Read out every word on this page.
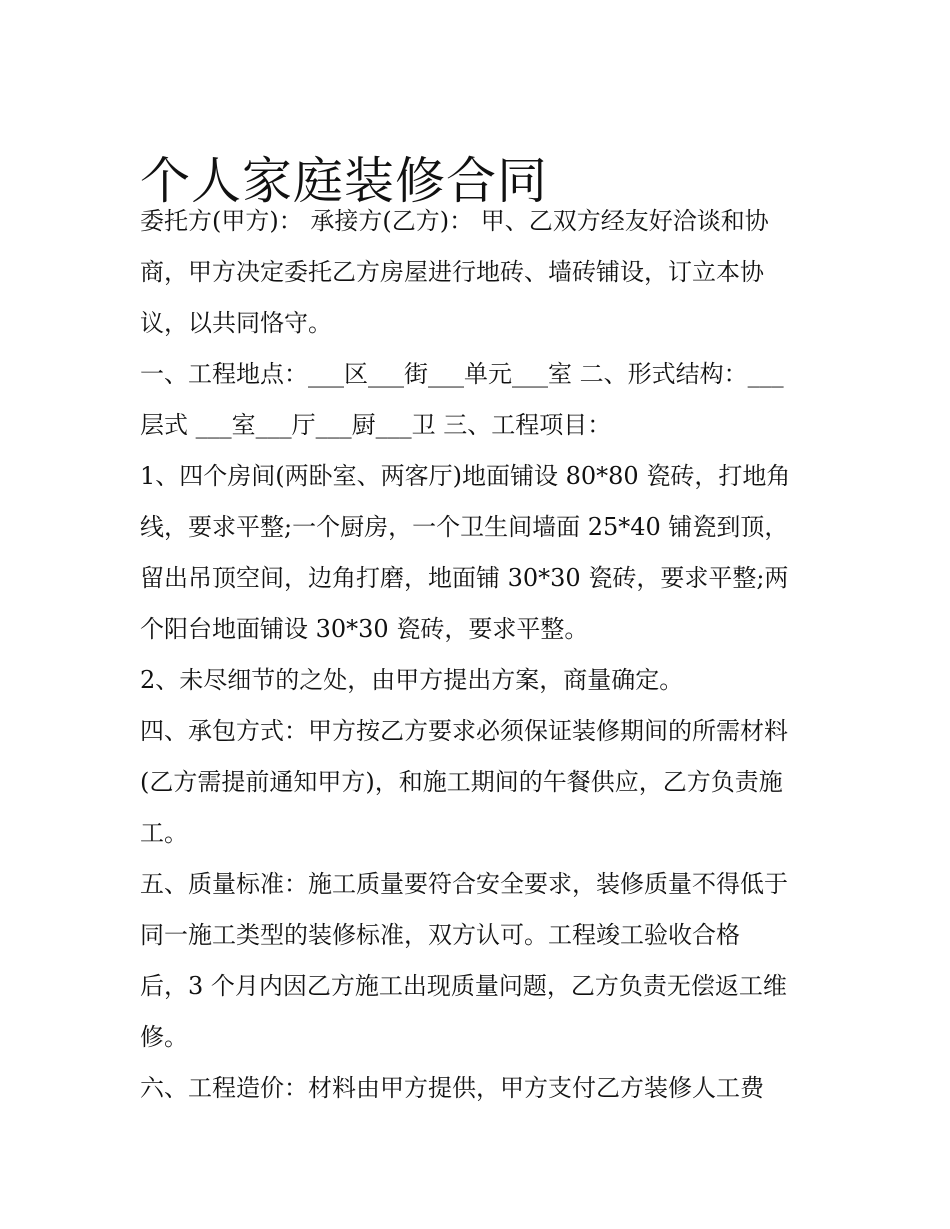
个人家庭装修合同
委托方(甲方)： 承接方(乙方)： 甲、乙双方经友好洽谈和协
商，甲方决定委托乙方房屋进行地砖、墙砖铺设，订立本协
议，以共同恪守。
一、工程地点：___区___街___单元___室 二、形式结构：___
层式 ___室___厅___厨___卫 三、工程项目：
1、四个房间(两卧室、两客厅)地面铺设 80*80 瓷砖，打地角
线，要求平整;一个厨房，一个卫生间墙面 25*40 铺瓷到顶，
留出吊顶空间，边角打磨，地面铺 30*30 瓷砖，要求平整;两
个阳台地面铺设 30*30 瓷砖，要求平整。
2、未尽细节的之处，由甲方提出方案，商量确定。
四、承包方式：甲方按乙方要求必须保证装修期间的所需材料
(乙方需提前通知甲方)，和施工期间的午餐供应，乙方负责施
工。
五、质量标准：施工质量要符合安全要求，装修质量不得低于
同一施工类型的装修标准，双方认可。工程竣工验收合格
后，3 个月内因乙方施工出现质量问题，乙方负责无偿返工维
修。
六、工程造价：材料由甲方提供，甲方支付乙方装修人工费
